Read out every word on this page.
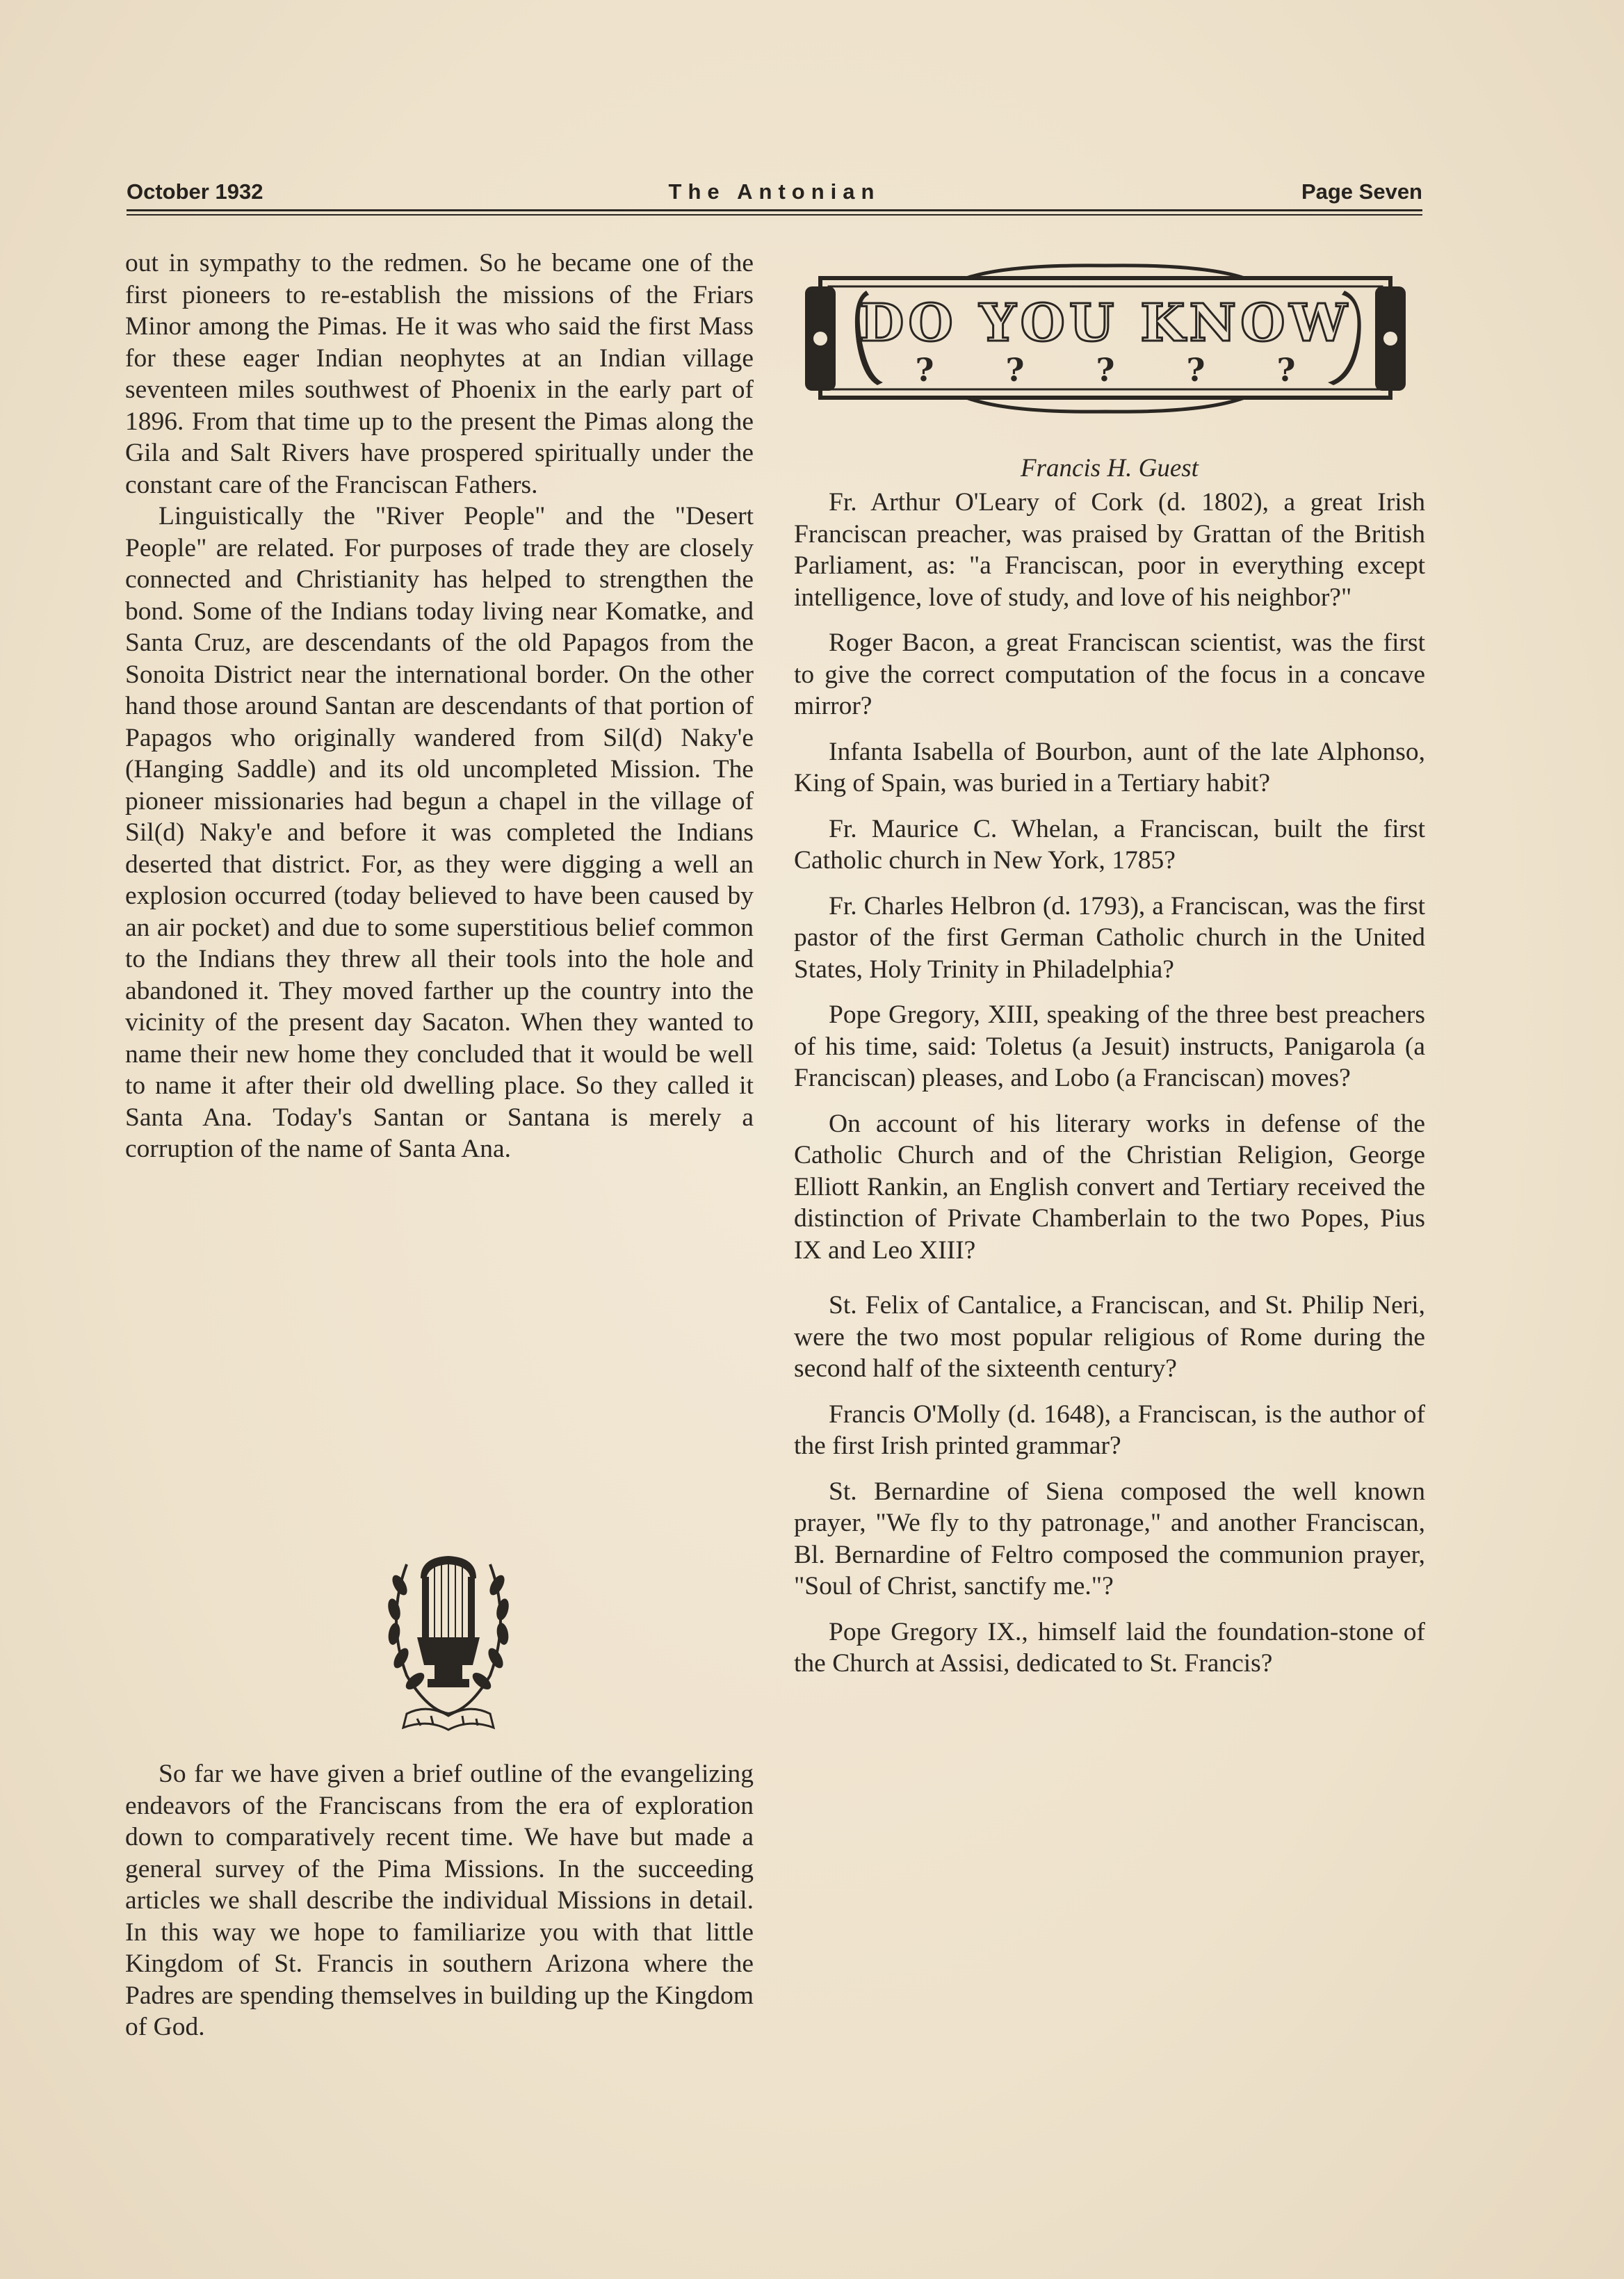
The Antonian
October 1932	Page Seven

out in sympathy to the redmen. So he became one of the first pioneers to re-establish the missions of the Friars Minor among the Pimas. He it was who said the first Mass for these eager Indian neophytes at an Indian village seventeen miles southwest of Phoenix in the early part of 1896. From that time up to the present the Pimas along the Gila and Salt Rivers have prospered spiritually under the constant care of the Franciscan Fathers.

Linguistically the "River People" and the "Desert People" are related. For purposes of trade they are closely connected and Christianity has helped to strengthen the bond. Some of the Indians today living near Komatke, and Santa Cruz, are descendants of the old Papagos from the Sonoita District near the international border. On the other hand those around Santan are descendants of that portion of Papagos who originally wandered from Sil(d) Naky'e (Hanging Saddle) and its old uncompleted Mission. The pioneer missionaries had begun a chapel in the village of Sil(d) Naky'e and before it was completed the Indians deserted that district. For, as they were digging a well an explosion occurred (today believed to have been caused by an air pocket) and due to some superstitious belief common to the Indians they threw all their tools into the hole and abandoned it. They moved farther up the country into the vicinity of the present day Sacaton. When they wanted to name their new home they concluded that it would be well to name it after their old dwelling place. So they called it Santa Ana. Today's Santan or Santana is merely a corruption of the name of Santa Ana.

So far we have given a brief outline of the evangelizing endeavors of the Franciscans from the era of exploration down to comparatively recent time. We have but made a general survey of the Pima Missions. In the succeeding articles we shall describe the individual Missions in detail. In this way we hope to familiarize you with that little Kingdom of St. Francis in southern Arizona where the Padres are spending themselves in building up the Kingdom of God.

DO YOU KNOW
? ? ? ? ?
Francis H. Guest

Fr. Arthur O'Leary of Cork (d. 1802), a great Irish Franciscan preacher, was praised by Grattan of the British Parliament, as: "a Franciscan, poor in everything except intelligence, love of study, and love of his neighbor?"

Roger Bacon, a great Franciscan scientist, was the first to give the correct computation of the focus in a concave mirror?

Infanta Isabella of Bourbon, aunt of the late Alphonso, King of Spain, was buried in a Tertiary habit?

Fr. Maurice C. Whelan, a Franciscan, built the first Catholic church in New York, 1785?

Fr. Charles Helbron (d. 1793), a Franciscan, was the first pastor of the first German Catholic church in the United States, Holy Trinity in Philadelphia?

Pope Gregory, XIII, speaking of the three best preachers of his time, said: Toletus (a Jesuit) instructs, Panigarola (a Franciscan) pleases, and Lobo (a Franciscan) moves?

On account of his literary works in defense of the Catholic Church and of the Christian Religion, George Elliott Rankin, an English convert and Tertiary received the distinction of Private Chamberlain to the two Popes, Pius IX and Leo XIII?

St. Felix of Cantalice, a Franciscan, and St. Philip Neri, were the two most popular religious of Rome during the second half of the sixteenth century?

Francis O'Molly (d. 1648), a Franciscan, is the author of the first Irish printed grammar?

St. Bernardine of Siena composed the well known prayer, "We fly to thy patronage," and another Franciscan, Bl. Bernardine of Feltro composed the communion prayer, "Soul of Christ, sanctify me."?

Pope Gregory IX., himself laid the foundation-stone of the Church at Assisi, dedicated to St. Francis?
